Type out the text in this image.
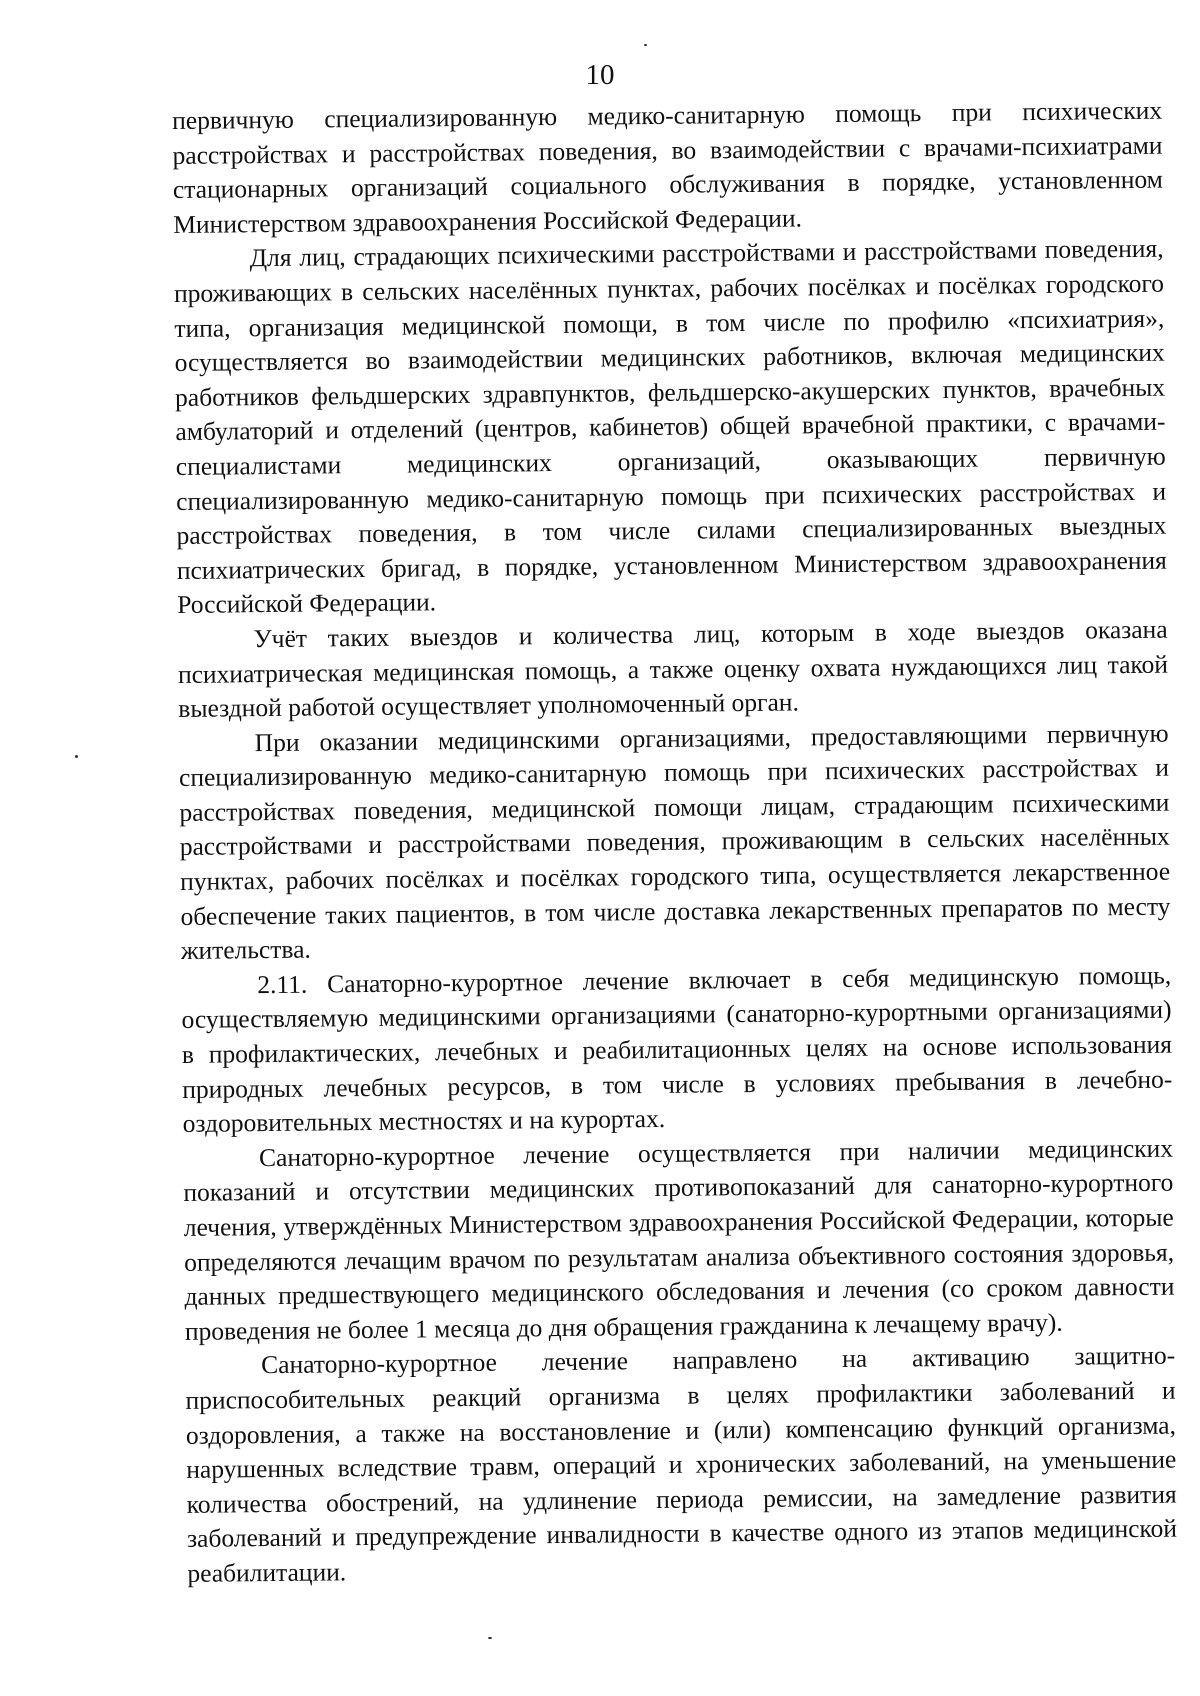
10

первичную специализированную медико-санитарную помощь при психических расстройствах и расстройствах поведения, во взаимодействии с врачами-психиатрами стационарных организаций социального обслуживания в порядке, установленном Министерством здравоохранения Российской Федерации.

Для лиц, страдающих психическими расстройствами и расстройствами поведения, проживающих в сельских населённых пунктах, рабочих посёлках и посёлках городского типа, организация медицинской помощи, в том числе по профилю «психиатрия», осуществляется во взаимодействии медицинских работников, включая медицинских работников фельдшерских здравпунктов, фельдшерско-акушерских пунктов, врачебных амбулаторий и отделений (центров, кабинетов) общей врачебной практики, с врачами-специалистами медицинских организаций, оказывающих первичную специализированную медико-санитарную помощь при психических расстройствах и расстройствах поведения, в том числе силами специализированных выездных психиатрических бригад, в порядке, установленном Министерством здравоохранения Российской Федерации.

Учёт таких выездов и количества лиц, которым в ходе выездов оказана психиатрическая медицинская помощь, а также оценку охвата нуждающихся лиц такой выездной работой осуществляет уполномоченный орган.

При оказании медицинскими организациями, предоставляющими первичную специализированную медико-санитарную помощь при психических расстройствах и расстройствах поведения, медицинской помощи лицам, страдающим психическими расстройствами и расстройствами поведения, проживающим в сельских населённых пунктах, рабочих посёлках и посёлках городского типа, осуществляется лекарственное обеспечение таких пациентов, в том числе доставка лекарственных препаратов по месту жительства.

2.11. Санаторно-курортное лечение включает в себя медицинскую помощь, осуществляемую медицинскими организациями (санаторно-курортными организациями) в профилактических, лечебных и реабилитационных целях на основе использования природных лечебных ресурсов, в том числе в условиях пребывания в лечебно-оздоровительных местностях и на курортах.

Санаторно-курортное лечение осуществляется при наличии медицинских показаний и отсутствии медицинских противопоказаний для санаторно-курортного лечения, утверждённых Министерством здравоохранения Российской Федерации, которые определяются лечащим врачом по результатам анализа объективного состояния здоровья, данных предшествующего медицинского обследования и лечения (со сроком давности проведения не более 1 месяца до дня обращения гражданина к лечащему врачу).

Санаторно-курортное лечение направлено на активацию защитно-приспособительных реакций организма в целях профилактики заболеваний и оздоровления, а также на восстановление и (или) компенсацию функций организма, нарушенных вследствие травм, операций и хронических заболеваний, на уменьшение количества обострений, на удлинение периода ремиссии, на замедление развития заболеваний и предупреждение инвалидности в качестве одного из этапов медицинской реабилитации.
